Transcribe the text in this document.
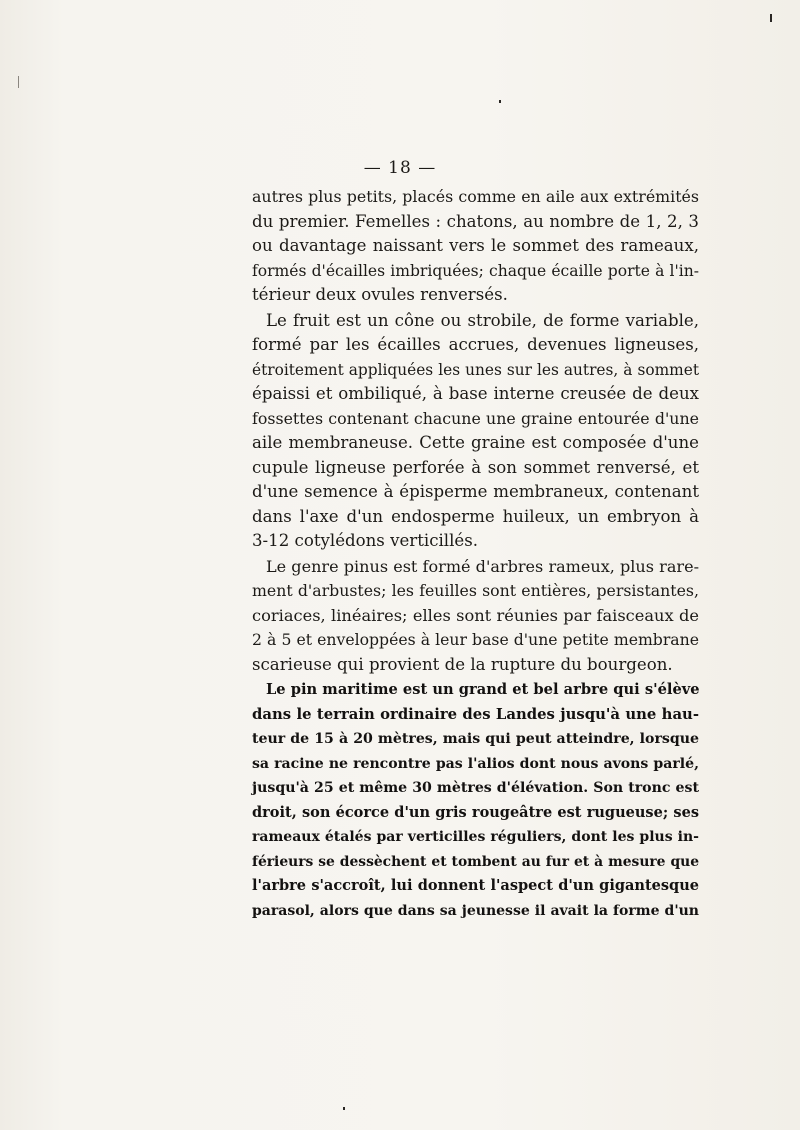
— 18 —
autres plus petits, placés comme en aile aux extrémités
du premier. Femelles : chatons, au nombre de 1, 2, 3
ou davantage naissant vers le sommet des rameaux,
formés d'écailles imbriquées; chaque écaille porte à l'in-
térieur deux ovules renversés.
Le fruit est un cône ou strobile, de forme variable,
formé par les écailles accrues, devenues ligneuses,
étroitement appliquées les unes sur les autres, à sommet
épaissi et ombiliqué, à base interne creusée de deux
fossettes contenant chacune une graine entourée d'une
aile membraneuse. Cette graine est composée d'une
cupule ligneuse perforée à son sommet renversé, et
d'une semence à épisperme membraneux, contenant
dans l'axe d'un endosperme huileux, un embryon à
3-12 cotylédons verticillés.
Le genre pinus est formé d'arbres rameux, plus rare-
ment d'arbustes; les feuilles sont entières, persistantes,
coriaces, linéaires; elles sont réunies par faisceaux de
2 à 5 et enveloppées à leur base d'une petite membrane
scarieuse qui provient de la rupture du bourgeon.
Le pin maritime est un grand et bel arbre qui s'élève
dans le terrain ordinaire des Landes jusqu'à une hau-
teur de 15 à 20 mètres, mais qui peut atteindre, lorsque
sa racine ne rencontre pas l'alios dont nous avons parlé,
jusqu'à 25 et même 30 mètres d'élévation. Son tronc est
droit, son écorce d'un gris rougeâtre est rugueuse; ses
rameaux étalés par verticilles réguliers, dont les plus in-
férieurs se dessèchent et tombent au fur et à mesure que
l'arbre s'accroît, lui donnent l'aspect d'un gigantesque
parasol, alors que dans sa jeunesse il avait la forme d'un
